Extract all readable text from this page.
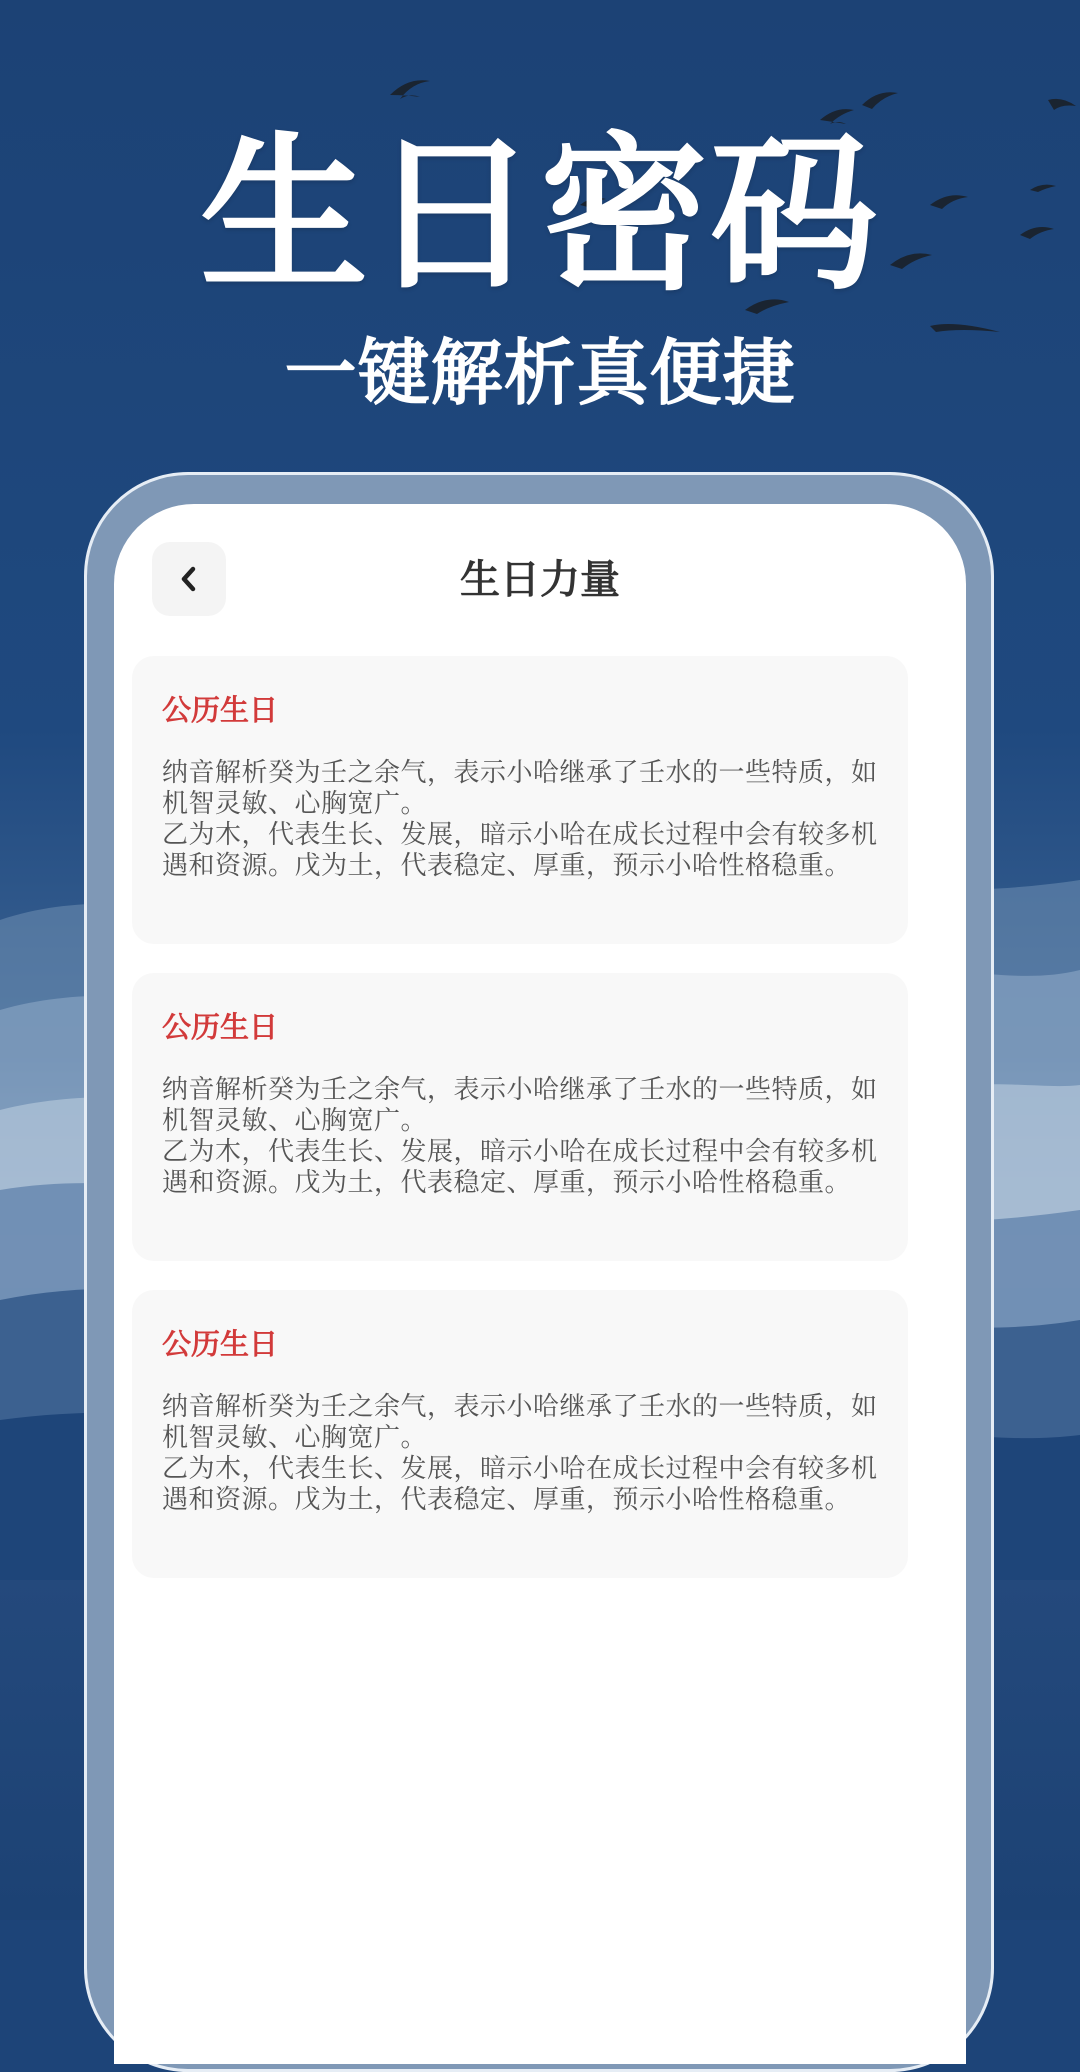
生日密码
一键解析真便捷
生日力量
公历生日

纳音解析癸为壬之余气，表示小哈继承了壬水的一些特质，如机智灵敏、心胸宽广。

乙为木，代表生长、发展，暗示小哈在成长过程中会有较多机遇和资源。戊为土，代表稳定、厚重，预示小哈性格稳重。

公历生日

纳音解析癸为壬之余气，表示小哈继承了壬水的一些特质，如机智灵敏、心胸宽广。

乙为木，代表生长、发展，暗示小哈在成长过程中会有较多机遇和资源。戊为土，代表稳定、厚重，预示小哈性格稳重。

公历生日

纳音解析癸为壬之余气，表示小哈继承了壬水的一些特质，如机智灵敏、心胸宽广。

乙为木，代表生长、发展，暗示小哈在成长过程中会有较多机遇和资源。戊为土，代表稳定、厚重，预示小哈性格稳重。
